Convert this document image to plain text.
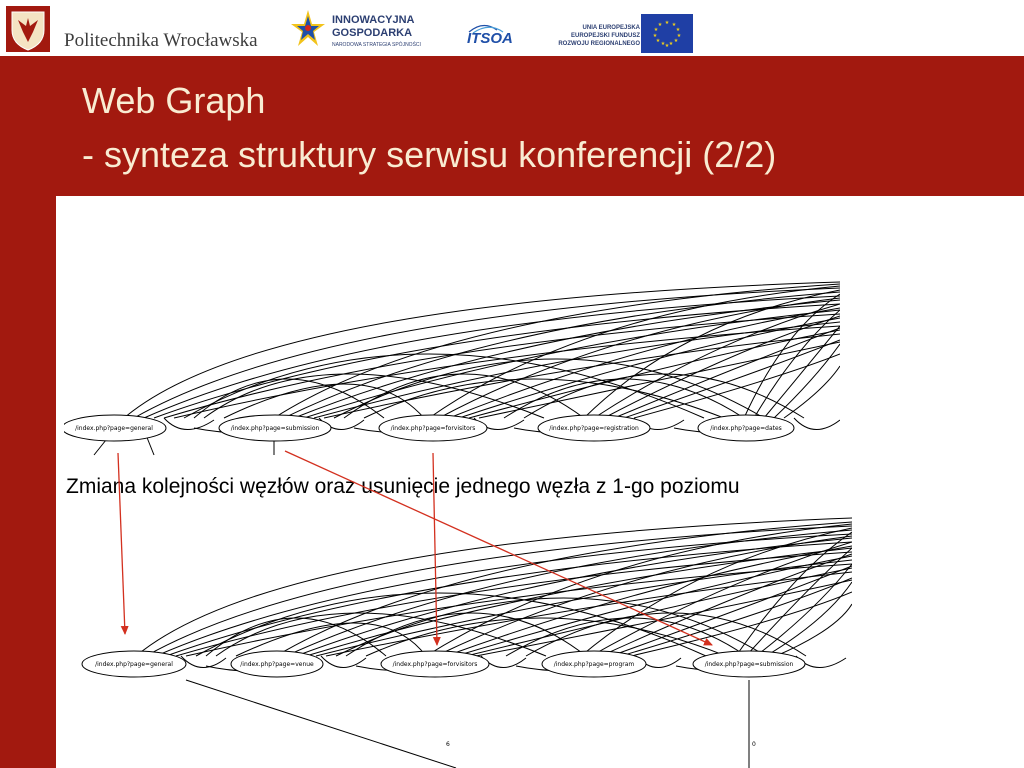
Politechnika Wrocławska
INNOWACYJNA
GOSPODARKA
NARODOWA STRATEGIA SPÓJNOŚCI	ITSOA
UNIA EUROPEJSKA
EUROPEJSKI FUNDUSZ
ROZWOJU REGIONALNEGO
★ ★
★
★
★
★
★
★
★
★
★
★
Web Graph
- synteza struktury serwisu konferencji (2/2)
/index.php?page=general	/index.php?page=submission	/index.php?page=forvisitors	/index.php?page=registration	/index.php?page=dates
Zmiana kolejności węzłów oraz usunięcie jednego węzła z 1-go poziomu
6	0
/index.php?page=general	/index.php?page=venue	/index.php?page=forvisitors	/index.php?page=program	/index.php?page=submission
